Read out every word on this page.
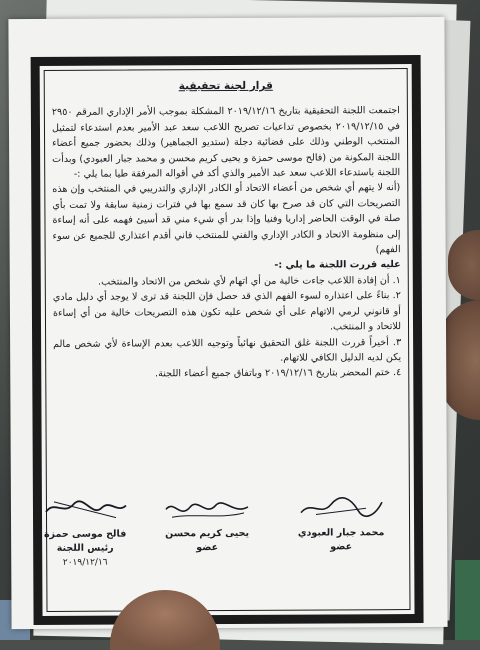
قرار لجنة تحقيقية

اجتمعت اللجنة التحقيقية بتاريخ ٢٠١٩/١٢/١٦ المشكلة بموجب الأمر الإداري المرقم ٢٩٥٠ في ٢٠١٩/١٢/١٥ بخصوص تداعيات تصريح اللاعب سعد عبد الأمير بعدم استدعاء لتمثيل المنتخب الوطني وذلك على فضائية دجلة (ستديو الجماهير) وذلك بحضور جميع أعضاء اللجنة المكونة من (فالح موسى حمزة و يحيى كريم محسن و محمد جبار العبودي) وبدأت اللجنة باستدعاء اللاعب سعد عبد الأمير والذي أكد في أقواله المرفقة طيا بما يلي :-

(أنه لا يتهم أي شخص من أعضاء الاتحاد أو الكادر الإداري والتدريبي في المنتخب وإن هذه التصريحات التي كان قد صرح بها كان قد سمع بها في فترات زمنية سابقة ولا تمت بأي صلة في الوقت الحاضر إداريا وفنيا وإذا بدر أي شيء مني قد أسيئ فهمه على أنه إساءة إلى منظومة الاتحاد و الكادر الإداري والفني للمنتخب فاني أقدم اعتذاري للجميع عن سوء الفهم)

عليه قررت اللجنة ما يلي :-

١. أن إفادة اللاعب جاءت خالية من أي اتهام لأي شخص من الاتحاد والمنتخب.

٢. بناءً على اعتذاره لسوء الفهم الذي قد حصل فإن اللجنة قد ترى لا يوجد أي دليل مادي أو قانوني لرمي الاتهام على أي شخص عليه تكون هذه التصريحات خالية من أي إساءة للاتحاد و المنتخب.

٣. أخيراً قررت اللجنة غلق التحقيق نهائياً وتوجيه اللاعب بعدم الإساءة لأي شخص مالم يكن لديه الدليل الكافي للاتهام.

٤. ختم المحضر بتاريخ ٢٠١٩/١٢/١٦ وباتفاق جميع أعضاء اللجنة.

محمد جبار العبودي
عضو
يحيى كريم محسن
عضو
فالح موسى حمزة
رئيس اللجنة
٢٠١٩/١٢/١٦
